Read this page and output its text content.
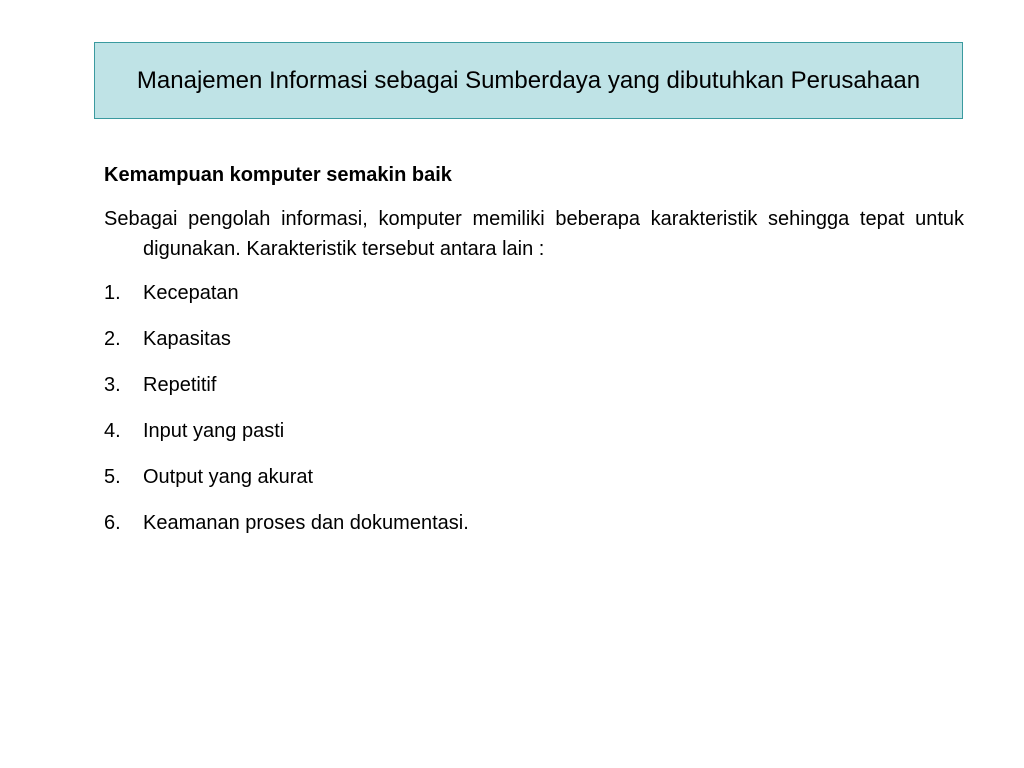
Manajemen Informasi sebagai Sumberdaya yang dibutuhkan Perusahaan
Kemampuan komputer semakin baik
Sebagai pengolah informasi, komputer memiliki beberapa karakteristik sehingga tepat untuk digunakan. Karakteristik tersebut antara lain :
1.	Kecepatan
2.	Kapasitas
3.	Repetitif
4.	Input yang pasti
5.	Output yang akurat
6.	Keamanan proses dan dokumentasi.
